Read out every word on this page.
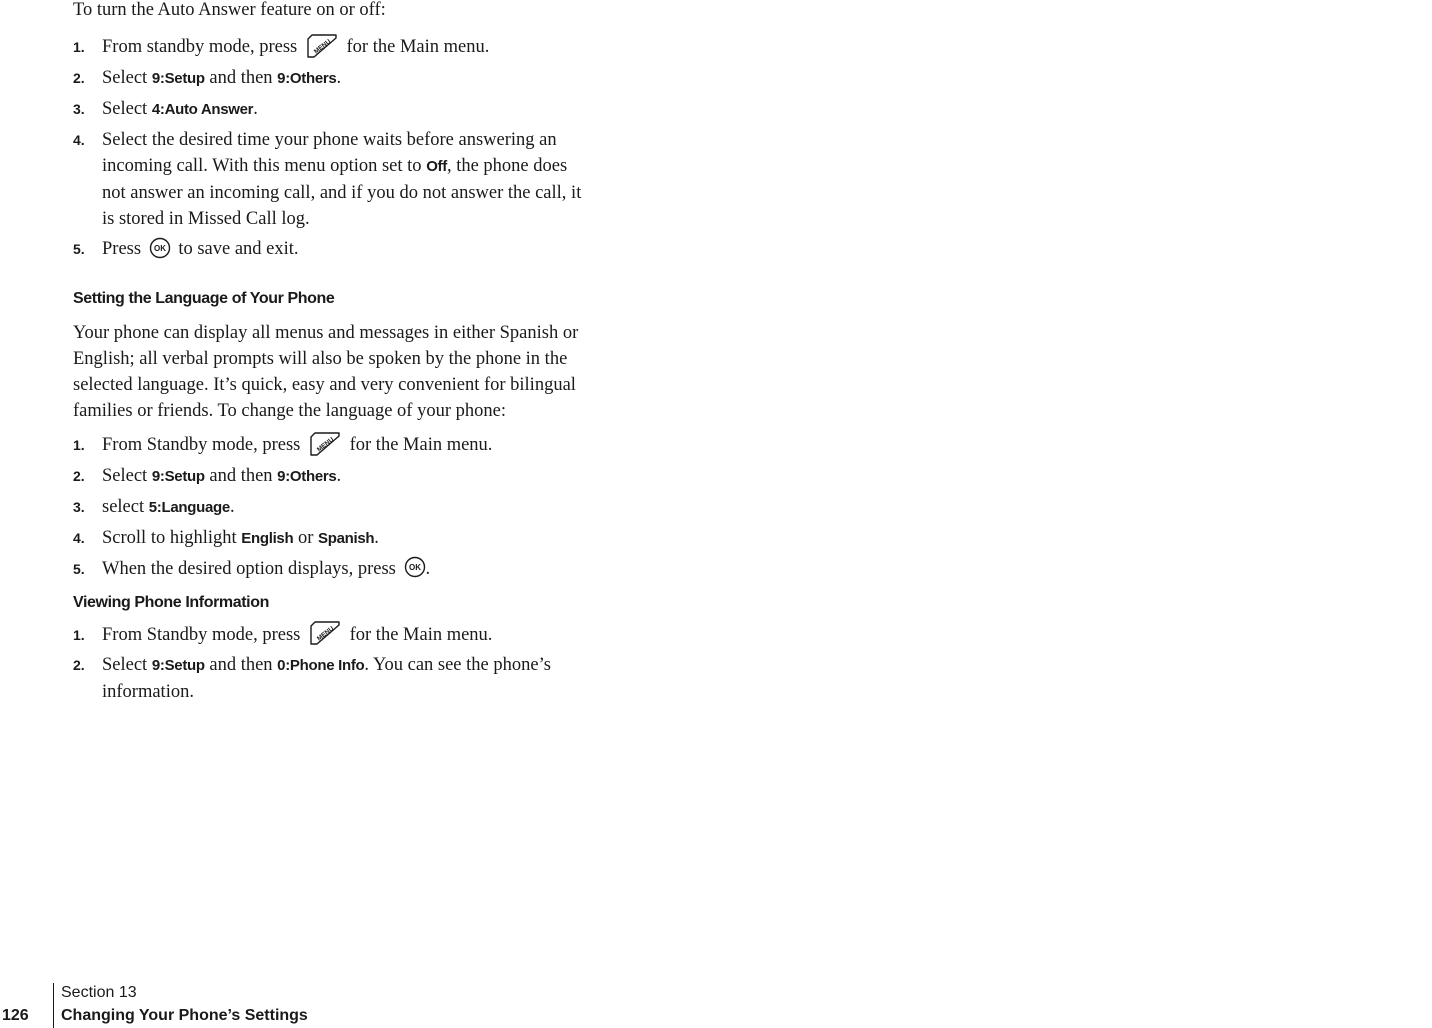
To turn the Auto Answer feature on or off:

1. From standby mode, press	for the Main menu.
2. Select 9:Setup and then 9:Others.
3. Select 4:Auto Answer.
4. Select the desired time your phone waits before answering an incoming call. With this menu option set to Off, the phone does not answer an incoming call, and if you do not answer the call, it is stored in Missed Call log.
5. Press to save and exit.
Setting the Language of Your Phone

Your phone can display all menus and messages in either Spanish or English; all verbal prompts will also be spoken by the phone in the selected language. It’s quick, easy and very convenient for bilingual families or friends. To change the language of your phone:

1. From Standby mode, press	for the Main menu.
2. Select 9:Setup and then 9:Others.
3. select 5:Language.
4. Scroll to highlight English or Spanish.
5. When the desired option displays, press .
Viewing Phone Information
1. From Standby mode, press	for the Main menu.
2. Select 9:Setup and then 0:Phone Info. You can see the phone’s information.
126
Section 13
Changing Your Phone’s Settings
